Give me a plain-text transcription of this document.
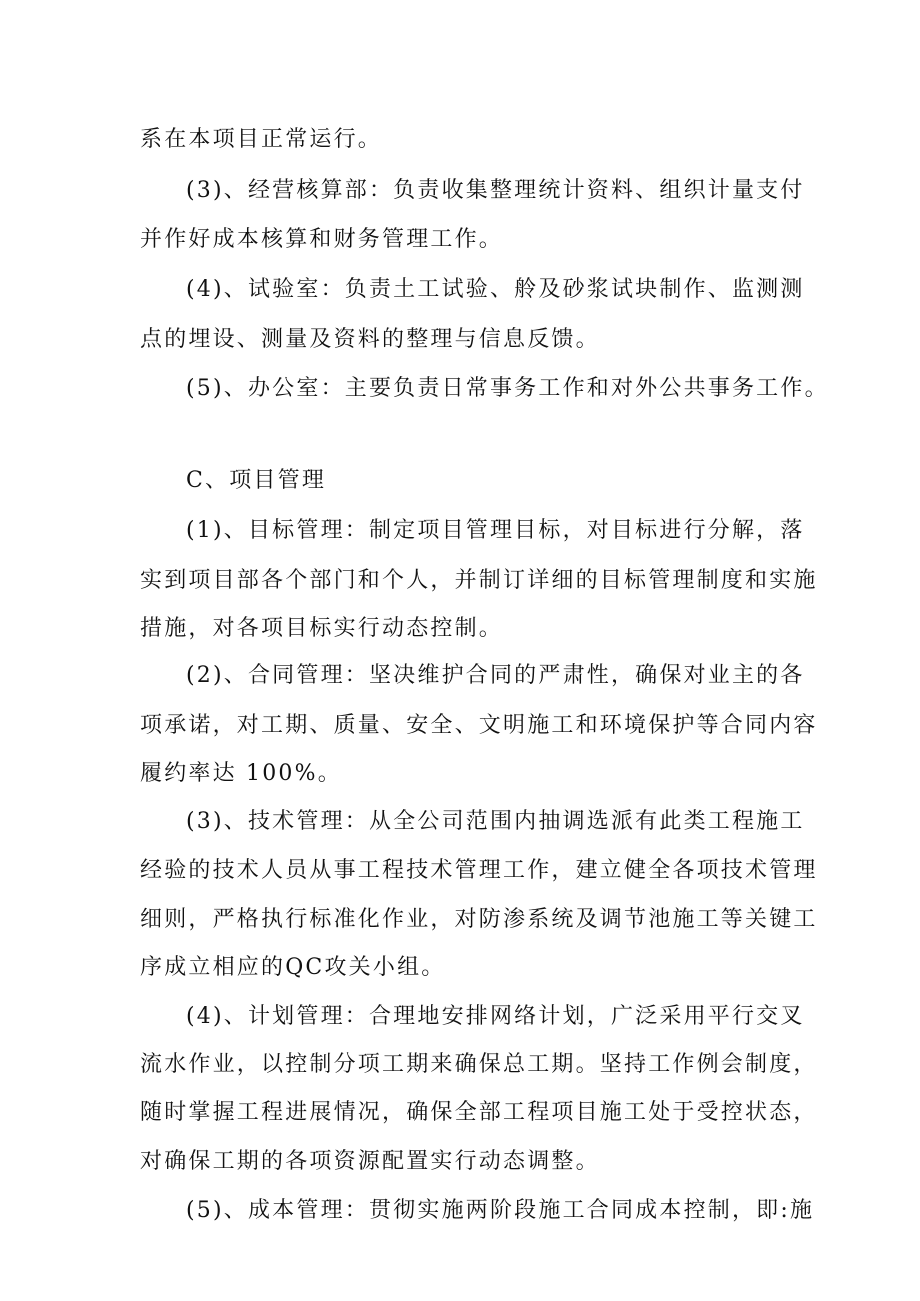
系在本项目正常运行。
(3)、经营核算部：负责收集整理统计资料、组织计量支付
并作好成本核算和财务管理工作。
(4)、试验室：负责土工试验、舲及砂浆试块制作、监测测
点的埋设、测量及资料的整理与信息反馈。
(5)、办公室：主要负责日常事务工作和对外公共事务工作。
C、项目管理
(1)、目标管理：制定项目管理目标，对目标进行分解，落
实到项目部各个部门和个人，并制订详细的目标管理制度和实施
措施，对各项目标实行动态控制。
(2)、合同管理：坚决维护合同的严肃性，确保对业主的各
项承诺，对工期、质量、安全、文明施工和环境保护等合同内容
履约率达 100%。
(3)、技术管理：从全公司范围内抽调选派有此类工程施工
经验的技术人员从事工程技术管理工作，建立健全各项技术管理
细则，严格执行标准化作业，对防渗系统及调节池施工等关键工
序成立相应的QC攻关小组。
(4)、计划管理：合理地安排网络计划，广泛采用平行交叉
流水作业，以控制分项工期来确保总工期。坚持工作例会制度，
随时掌握工程进展情况，确保全部工程项目施工处于受控状态，
对确保工期的各项资源配置实行动态调整。
(5)、成本管理：贯彻实施两阶段施工合同成本控制，即:施
